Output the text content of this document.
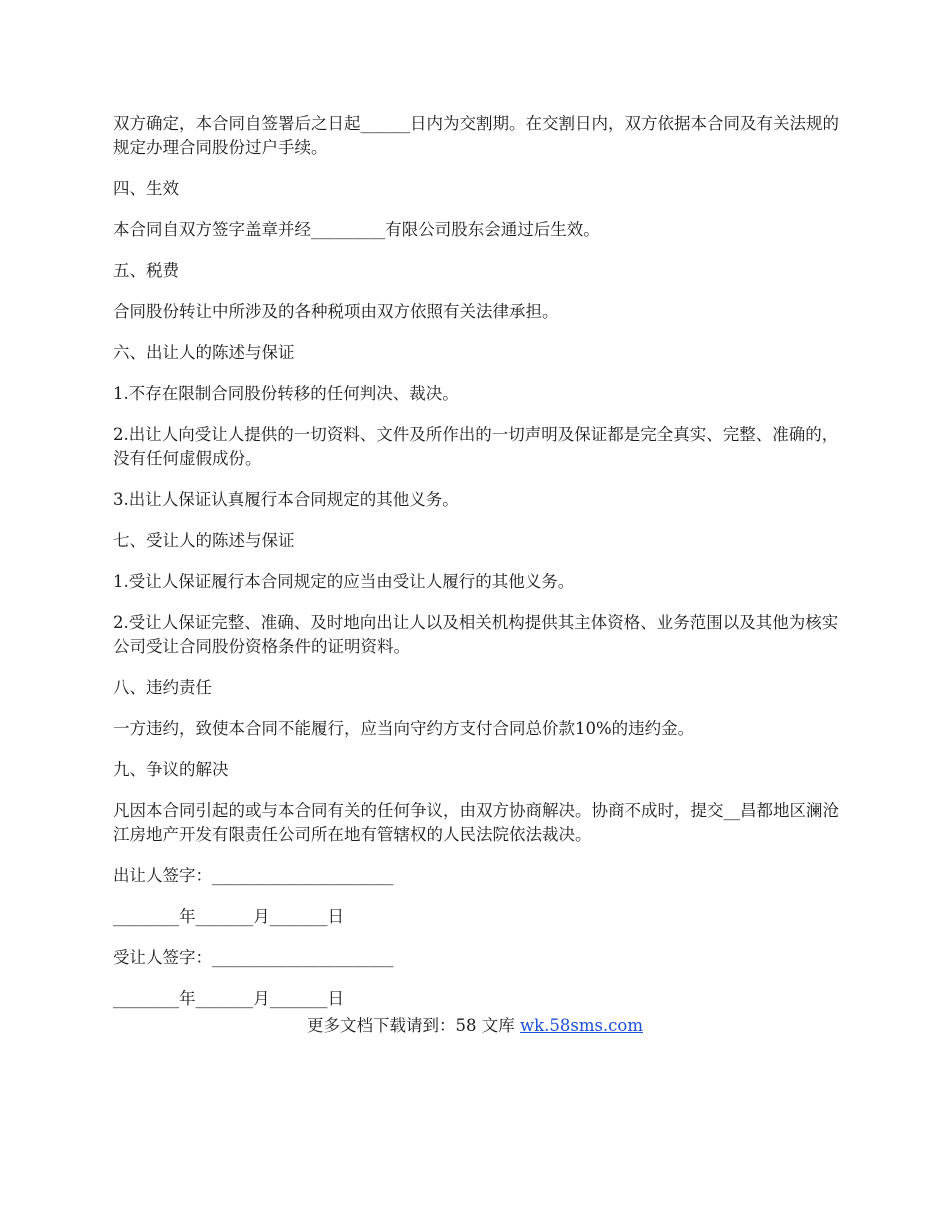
双方确定，本合同自签署后之日起______日内为交割期。在交割日内，双方依据本合同及有关法规的规定办理合同股份过户手续。

四、生效

本合同自双方签字盖章并经_________有限公司股东会通过后生效。

五、税费

合同股份转让中所涉及的各种税项由双方依照有关法律承担。

六、出让人的陈述与保证

1.不存在限制合同股份转移的任何判决、裁决。

2.出让人向受让人提供的一切资料、文件及所作出的一切声明及保证都是完全真实、完整、准确的，没有任何虚假成份。

3.出让人保证认真履行本合同规定的其他义务。

七、受让人的陈述与保证

1.受让人保证履行本合同规定的应当由受让人履行的其他义务。

2.受让人保证完整、准确、及时地向出让人以及相关机构提供其主体资格、业务范围以及其他为核实公司受让合同股份资格条件的证明资料。

八、违约责任

一方违约，致使本合同不能履行，应当向守约方支付合同总价款10%的违约金。

九、争议的解决

凡因本合同引起的或与本合同有关的任何争议，由双方协商解决。协商不成时，提交__昌都地区澜沧江房地产开发有限责任公司所在地有管辖权的人民法院依法裁决。

出让人签字：______________________

________年_______月_______日

受让人签字：______________________

________年_______月_______日

更多文档下载请到：58 文库 wk.58sms.com
